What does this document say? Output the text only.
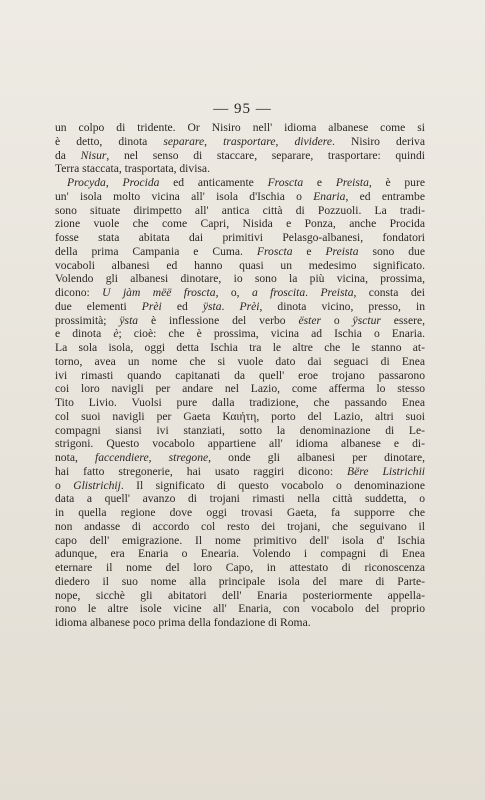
— 95 —
un colpo di tridente. Or Nisiro nell' idioma albanese come si
è detto, dinota separare, trasportare, dividere. Nisiro deriva
da Nisur, nel senso di staccare, separare, trasportare: quindi
Terra staccata, trasportata, divisa.
Procyda, Procida ed anticamente Froscta e Preista, è pure
un' isola molto vicina all' isola d'Ischia o Enaria, ed entrambe
sono situate dirimpetto all' antica città di Pozzuoli. La tradi-
zione vuole che come Capri, Nisida e Ponza, anche Procida
fosse stata abitata dai primitivi Pelasgo-albanesi, fondatori
della prima Campania e Cuma. Froscta e Preista sono due
vocaboli albanesi ed hanno quasi un medesimo significato.
Volendo gli albanesi dinotare, io sono la più vicina, prossima,
dicono: U jàm mëë froscta, o, a froscita. Preista, consta dei
due elementi Prèi ed ÿsta. Prèi, dinota vicino, presso, in
prossimità; ÿsta è inflessione del verbo ëster o ÿsctur essere,
e dinota è; cioè: che è prossima, vicina ad Ischia o Enaria.
La sola isola, oggi detta Ischia tra le altre che le stanno at-
torno, avea un nome che si vuole dato dai seguaci di Enea
ivi rimasti quando capitanati da quell' eroe trojano passarono
coi loro navigli per andare nel Lazio, come afferma lo stesso
Tito Livio. Vuolsi pure dalla tradizione, che passando Enea
col suoi navigli per Gaeta Καιήτη, porto del Lazio, altri suoi
compagni siansi ivi stanziati, sotto la denominazione di Le-
strigoni. Questo vocabolo appartiene all' idioma albanese e di-
nota, faccendiere, stregone, onde gli albanesi per dinotare,
hai fatto stregonerie, hai usato raggiri dicono: Bëre Listrichii
o Glistrichij. Il significato di questo vocabolo o denominazione
data a quell' avanzo di trojani rimasti nella città suddetta, o
in quella regione dove oggi trovasi Gaeta, fa supporre che
non andasse di accordo col resto dei trojani, che seguivano il
capo dell' emigrazione. Il nome primitivo dell' isola d' Ischia
adunque, era Enaria o Enearia. Volendo i compagni di Enea
eternare il nome del loro Capo, in attestato di riconoscenza
diedero il suo nome alla principale isola del mare di Parte-
nope, sicchè gli abitatori dell' Enaria posteriormente appella-
rono le altre isole vicine all' Enaria, con vocabolo del proprio
idioma albanese poco prima della fondazione di Roma.
